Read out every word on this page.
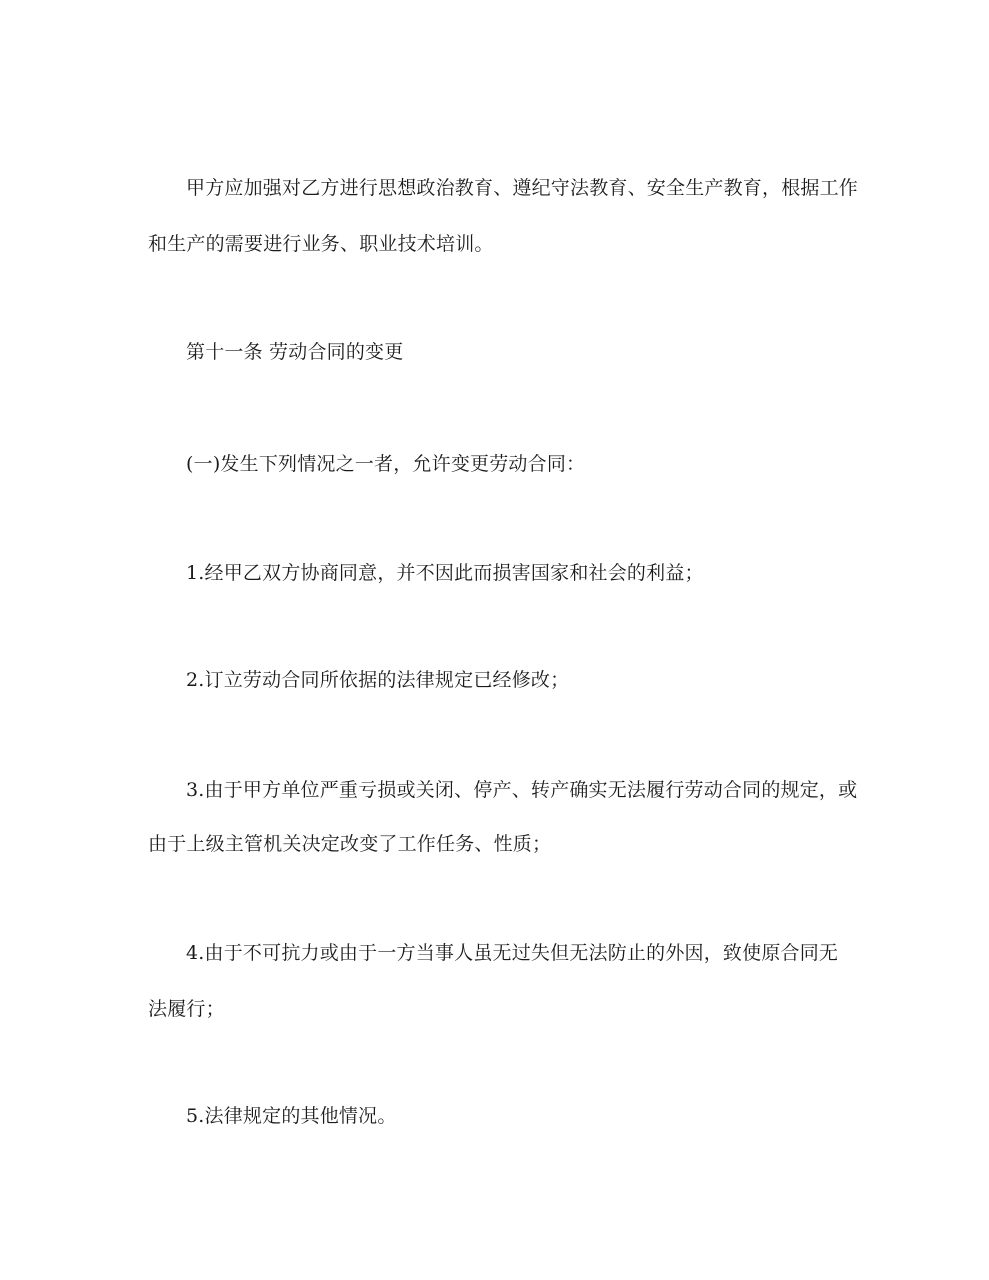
甲方应加强对乙方进行思想政治教育、遵纪守法教育、安全生产教育，根据工作
和生产的需要进行业务、职业技术培训。
第十一条 劳动合同的变更
(一)发生下列情况之一者，允许变更劳动合同：
1.经甲乙双方协商同意，并不因此而损害国家和社会的利益；
2.订立劳动合同所依据的法律规定已经修改；
3.由于甲方单位严重亏损或关闭、停产、转产确实无法履行劳动合同的规定，或
由于上级主管机关决定改变了工作任务、性质；
4.由于不可抗力或由于一方当事人虽无过失但无法防止的外因，致使原合同无
法履行；
5.法律规定的其他情况。
